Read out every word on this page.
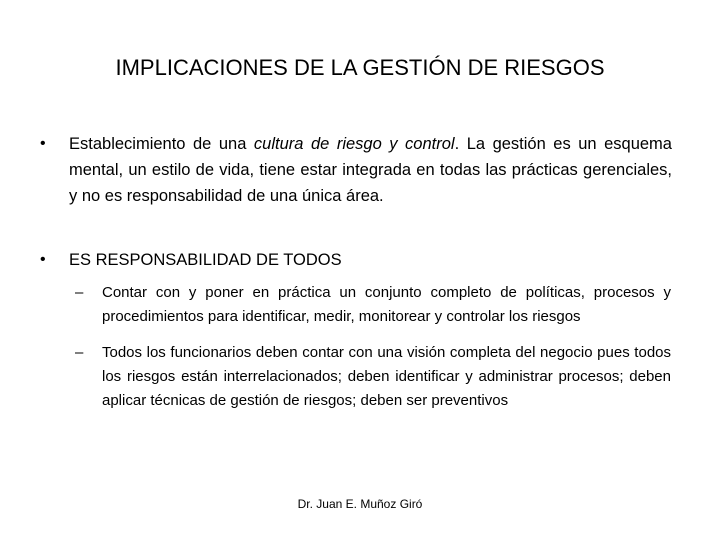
IMPLICACIONES DE LA GESTIÓN DE RIESGOS
• Establecimiento de una cultura de riesgo y control. La gestión es un esquema mental, un estilo de vida, tiene estar integrada en todas las prácticas gerenciales, y no es responsabilidad de una única área.
• ES RESPONSABILIDAD DE TODOS
– Contar con y poner en práctica un conjunto completo de políticas, procesos y procedimientos para identificar, medir, monitorear y controlar los riesgos
– Todos los funcionarios deben contar con una visión completa del negocio pues todos los riesgos están interrelacionados; deben identificar y administrar procesos; deben aplicar técnicas de gestión de riesgos; deben ser preventivos
Dr. Juan E. Muñoz Giró
